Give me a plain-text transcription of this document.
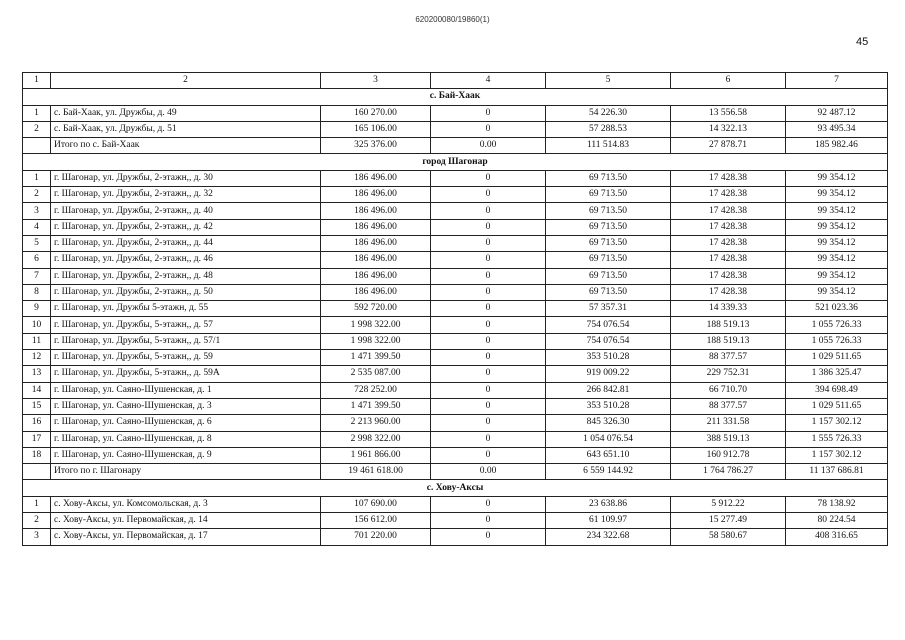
620200080/19860(1)
45
1	2	3	4	5	6	7
с. Бай-Хаак						
1	с. Бай-Хаак, ул. Дружбы, д. 49	160 270.00	0	54 226.30	13 556.58	92 487.12
2	с. Бай-Хаак, ул. Дружбы, д. 51	165 106.00	0	57 288.53	14 322.13	93 495.34
	Итого по с. Бай-Хаак	325 376.00	0.00	111 514.83	27 878.71	185 982.46
город Шагонар						
1	г. Шагонар, ул. Дружбы, 2-этажн,, д. 30	186 496.00	0	69 713.50	17 428.38	99 354.12
2	г. Шагонар, ул. Дружбы, 2-этажн,, д. 32	186 496.00	0	69 713.50	17 428.38	99 354.12
3	г. Шагонар, ул. Дружбы, 2-этажн,, д. 40	186 496.00	0	69 713.50	17 428.38	99 354.12
4	г. Шагонар, ул. Дружбы, 2-этажн,, д. 42	186 496.00	0	69 713.50	17 428.38	99 354.12
5	г. Шагонар, ул. Дружбы, 2-этажн,, д. 44	186 496.00	0	69 713.50	17 428.38	99 354.12
6	г. Шагонар, ул. Дружбы, 2-этажн,, д. 46	186 496.00	0	69 713.50	17 428.38	99 354.12
7	г. Шагонар, ул. Дружбы, 2-этажн,, д. 48	186 496.00	0	69 713.50	17 428.38	99 354.12
8	г. Шагонар, ул. Дружбы, 2-этажн,, д. 50	186 496.00	0	69 713.50	17 428.38	99 354.12
9	г. Шагонар, ул. Дружбы 5-этажн, д. 55	592 720.00	0	57 357.31	14 339.33	521 023.36
10	г. Шагонар, ул. Дружбы, 5-этажн,, д. 57	1 998 322.00	0	754 076.54	188 519.13	1 055 726.33
11	г. Шагонар, ул. Дружбы, 5-этажн,, д. 57/1	1 998 322.00	0	754 076.54	188 519.13	1 055 726.33
12	г. Шагонар, ул. Дружбы, 5-этажн,, д. 59	1 471 399.50	0	353 510.28	88 377.57	1 029 511.65
13	г. Шагонар, ул. Дружбы, 5-этажн,, д. 59А	2 535 087.00	0	919 009.22	229 752.31	1 386 325.47
14	г. Шагонар, ул. Саяно-Шушенская, д. 1	728 252.00	0	266 842.81	66 710.70	394 698.49
15	г. Шагонар, ул. Саяно-Шушенская, д. 3	1 471 399.50	0	353 510.28	88 377.57	1 029 511.65
16	г. Шагонар, ул. Саяно-Шушенская, д. 6	2 213 960.00	0	845 326.30	211 331.58	1 157 302.12
17	г. Шагонар, ул. Саяно-Шушенская, д. 8	2 998 322.00	0	1 054 076.54	388 519.13	1 555 726.33
18	г. Шагонар, ул. Саяно-Шушенская, д. 9	1 961 866.00	0	643 651.10	160 912.78	1 157 302.12
	Итого по г. Шагонару	19 461 618.00	0.00	6 559 144.92	1 764 786.27	11 137 686.81
с. Хову-Аксы						
1	с. Хову-Аксы, ул. Комсомольская, д. 3	107 690.00	0	23 638.86	5 912.22	78 138.92
2	с. Хову-Аксы, ул. Первомайская, д. 14	156 612.00	0	61 109.97	15 277.49	80 224.54
3	с. Хову-Аксы, ул. Первомайская, д. 17	701 220.00	0	234 322.68	58 580.67	408 316.65
